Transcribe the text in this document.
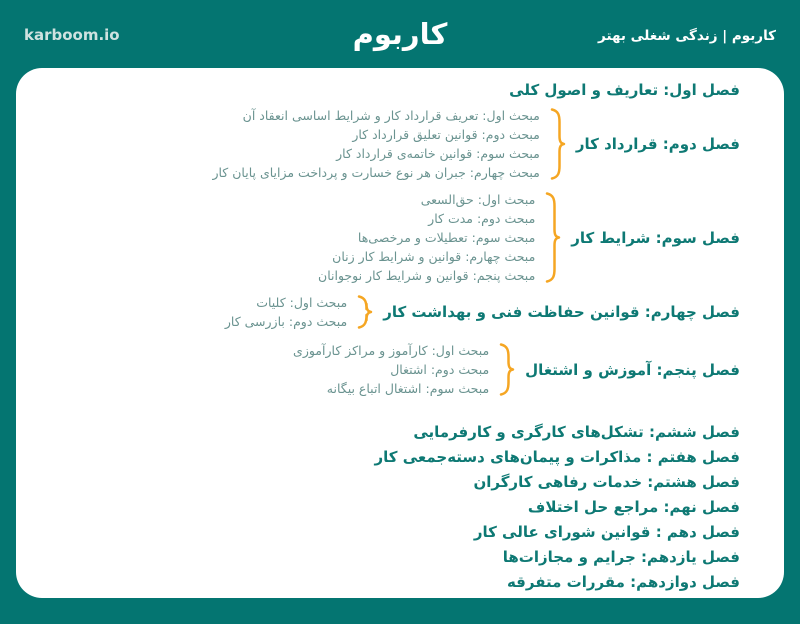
کاربوم | زندگی شغلی بهتر
کاربوم
karboom.io
فصل اول: تعاریف و اصول کلی
فصل دوم: قرارداد کار
مبحث اول: تعریف قرارداد کار و شرایط اساسی انعقاد آن
مبحث دوم: قوانین تعلیق قرارداد کار
مبحث سوم: قوانین خاتمه‌ی قرارداد کار
مبحث چهارم: جبران هر نوع خسارت و پرداخت مزایای پایان کار
فصل سوم: شرایط کار
مبحث اول: حق‌السعی
مبحث دوم: مدت کار
مبحث سوم: تعطیلات و مرخصی‌ها
مبحث چهارم: قوانین و شرایط کار زنان
مبحث پنجم: قوانین و شرایط کار نوجوانان
فصل چهارم: قوانین حفاظت فنی و بهداشت کار
مبحث اول: کلیات
مبحث دوم: بازرسی کار
فصل پنجم: آموزش و اشتغال
مبحث اول: کارآموز و مراکز کارآموزی
مبحث دوم: اشتغال
مبحث سوم: اشتغال اتباع بیگانه
فصل ششم: تشکل‌های کارگری و کارفرمایی
فصل هفتم : مذاکرات و پیمان‌های دسته‌جمعی کار
فصل هشتم: خدمات رفاهی کارگران
فصل نهم: مراجع حل اختلاف
فصل دهم : قوانین شورای عالی کار
فصل یازدهم: جرایم و مجازات‌ها
فصل دوازدهم: مقررات متفرقه
